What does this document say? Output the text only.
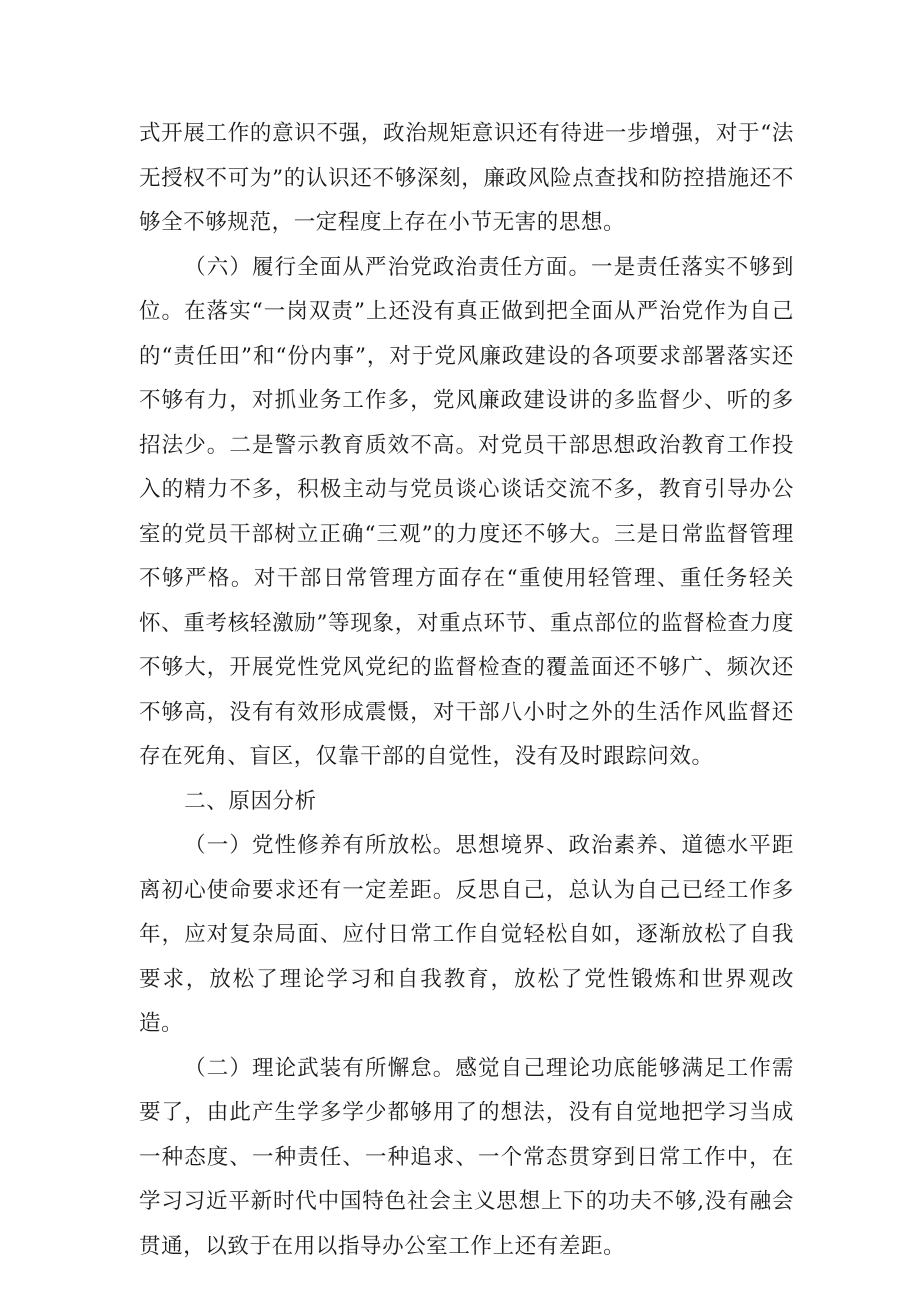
式开展工作的意识不强，政治规矩意识还有待进一步增强，对于“法无授权不可为”的认识还不够深刻，廉政风险点查找和防控措施还不够全不够规范，一定程度上存在小节无害的思想。

（六）履行全面从严治党政治责任方面。一是责任落实不够到位。在落实“一岗双责”上还没有真正做到把全面从严治党作为自己的“责任田”和“份内事”，对于党风廉政建设的各项要求部署落实还不够有力，对抓业务工作多，党风廉政建设讲的多监督少、听的多招法少。二是警示教育质效不高。对党员干部思想政治教育工作投入的精力不多，积极主动与党员谈心谈话交流不多，教育引导办公室的党员干部树立正确“三观”的力度还不够大。三是日常监督管理不够严格。对干部日常管理方面存在“重使用轻管理、重任务轻关怀、重考核轻激励”等现象，对重点环节、重点部位的监督检查力度不够大，开展党性党风党纪的监督检查的覆盖面还不够广、频次还不够高，没有有效形成震慑，对干部八小时之外的生活作风监督还存在死角、盲区，仅靠干部的自觉性，没有及时跟踪问效。

二、原因分析

（一）党性修养有所放松。思想境界、政治素养、道德水平距离初心使命要求还有一定差距。反思自己，总认为自己已经工作多年，应对复杂局面、应付日常工作自觉轻松自如，逐渐放松了自我要求，放松了理论学习和自我教育，放松了党性锻炼和世界观改造。

（二）理论武装有所懈怠。感觉自己理论功底能够满足工作需要了，由此产生学多学少都够用了的想法，没有自觉地把学习当成一种态度、一种责任、一种追求、一个常态贯穿到日常工作中，在学习习近平新时代中国特色社会主义思想上下的功夫不够,没有融会贯通，以致于在用以指导办公室工作上还有差距。
